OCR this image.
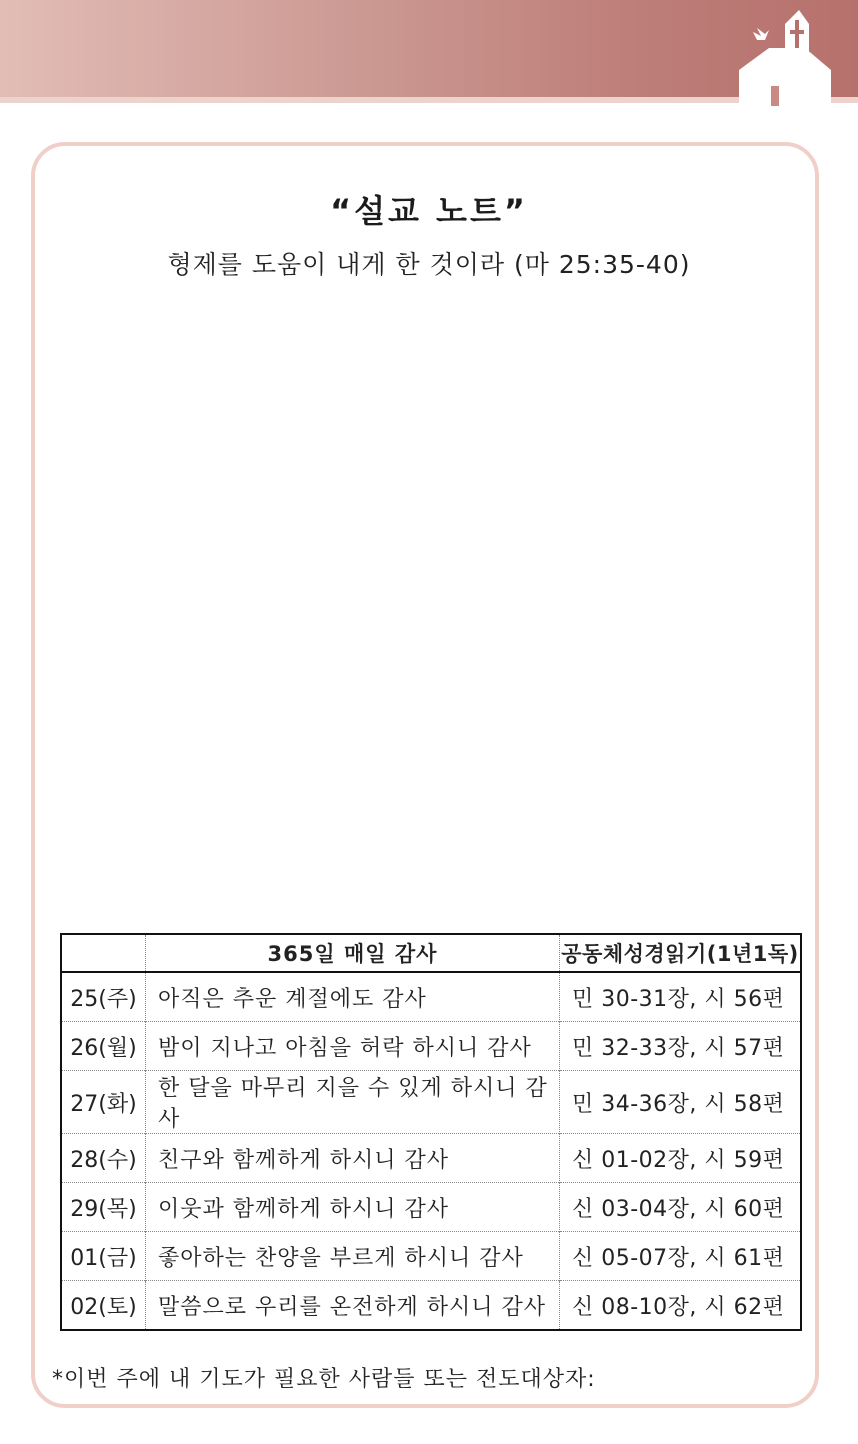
“설교 노트”
형제를 도움이 내게 한 것이라 (마 25:35-40)
	365일 매일 감사	공동체성경읽기(1년1독)
25(주)	아직은 추운 계절에도 감사	민 30-31장, 시 56편
26(월)	밤이 지나고 아침을 허락 하시니 감사	민 32-33장, 시 57편
27(화)	한 달을 마무리 지을 수 있게 하시니 감사	민 34-36장, 시 58편
28(수)	친구와 함께하게 하시니 감사	신 01-02장, 시 59편
29(목)	이웃과 함께하게 하시니 감사	신 03-04장, 시 60편
01(금)	좋아하는 찬양을 부르게 하시니 감사	신 05-07장, 시 61편
02(토)	말씀으로 우리를 온전하게 하시니 감사	신 08-10장, 시 62편
*이번 주에 내 기도가 필요한 사람들 또는 전도대상자:
